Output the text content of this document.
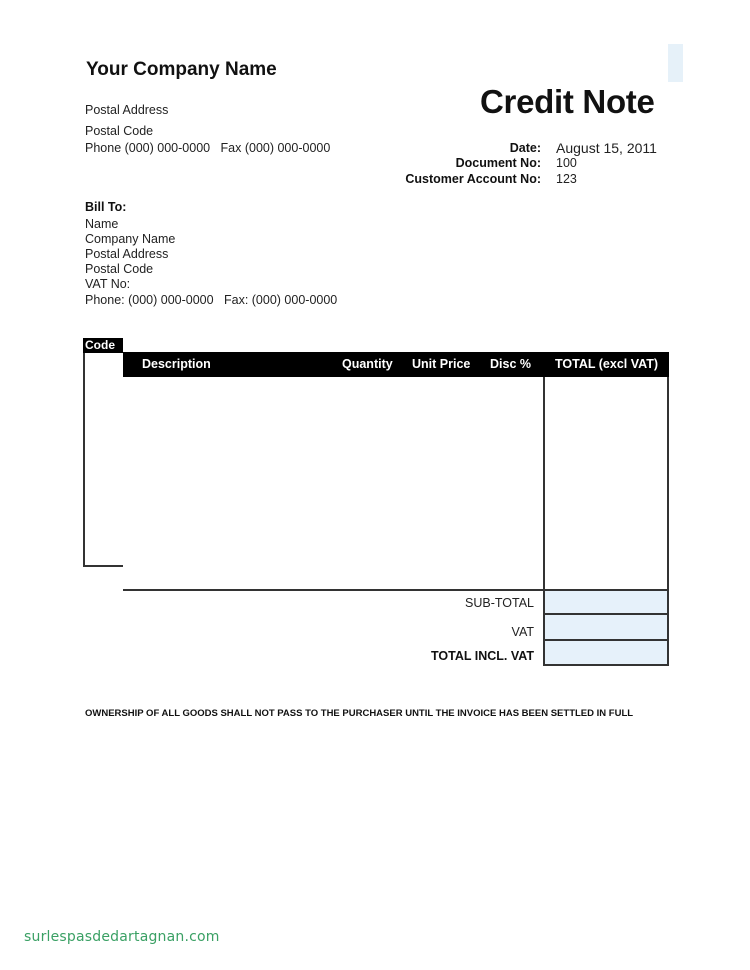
Your Company Name
Postal Address
Postal Code
Phone (000) 000-0000   Fax (000) 000-0000
Credit Note
Date: August 15, 2011
Document No: 100
Customer Account No: 123
Bill To:
Name
Company Name
Postal Address
Postal Code
VAT No:
Phone: (000) 000-0000   Fax: (000) 000-0000
Code
Description	Quantity Unit Price Disc % TOTAL (excl VAT)
SUB-TOTAL
VAT
TOTAL INCL. VAT
OWNERSHIP OF ALL GOODS SHALL NOT PASS TO THE PURCHASER UNTIL THE INVOICE HAS BEEN SETTLED IN FULL
surlespasdedartagnan.com
